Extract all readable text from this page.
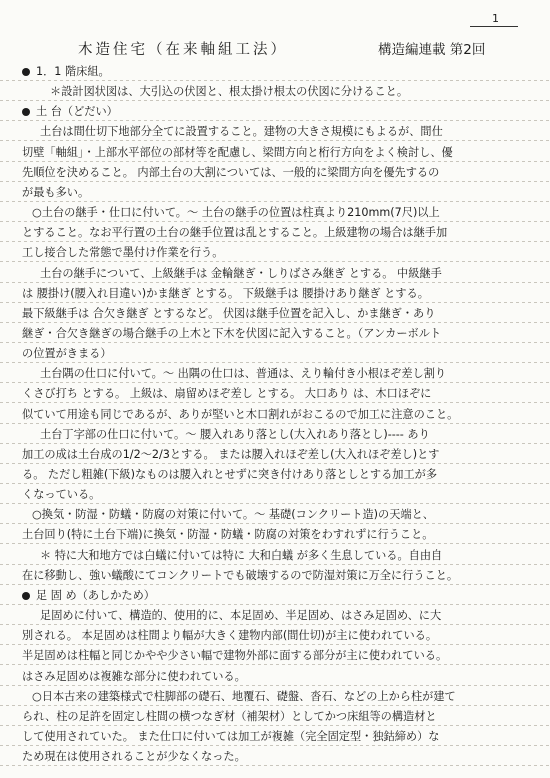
1
木造住宅（在来軸組工法）	構造編連載 第2回
1．1 階床組。
＊設計図状図は、大引込の伏図と、根太掛け根太の伏図に分けること。
土 台（どだい）
土台は間仕切下地部分全てに設置すること。建物の大きさ規模にもよるが、間仕
切壁「軸組」・上部水平部位の部材等を配慮し、梁間方向と桁行方向をよく検討し、優
先順位を決めること。 内部土台の大割については、一般的に梁間方向を優先するの
が最も多い。
○土台の継手・仕口に付いて。～ 土台の継手の位置は柱真より210mm(7尺)以上
とすること。なお平行置の土台の継手位置は乱とすること。上級建物の場合は継手加
工し接合した常態で墨付け作業を行う。
土台の継手について、上級継手は 金輪継ぎ・しりばさみ継ぎ とする。 中級継手
は 腰掛け(腰入れ目違い)かま継ぎ とする。 下級継手は 腰掛けあり継ぎ とする。
最下級継手は 合欠き継ぎ とするなど。 伏図は継手位置を記入し、かま継ぎ・あり
継ぎ・合欠き継ぎの場合継手の上木と下木を伏図に記入すること。（アンカーボルト
の位置がきまる）
土台隅の仕口に付いて。～ 出隅の仕口は、普通は、えり輪付き小根ほぞ差し割り
くさび打ち とする。 上級は、扇留めほぞ差し とする。 大口あり は、木口ほぞに
似ていて用途も同じであるが、ありが堅いと木口割れがおこるので加工に注意のこと。
土台丁字部の仕口に付いて。～ 腰入れあり落とし(大入れあり落とし)---- あり
加工の成は土台成の1/2～2/3とする。 または腰入れほぞ差し(大入れほぞ差し)とす
る。 ただし粗雑(下級)なものは腰入れとせずに突き付けあり落としとする加工が多
くなっている。
○換気・防湿・防蟻・防腐の対策に付いて。～ 基礎(コンクリート造)の天端と、
土台回り(特に土台下端)に換気・防湿・防蟻・防腐の対策をわすれずに行うこと。
＊ 特に大和地方では白蟻に付いては特に 大和白蟻 が多く生息している。自由自
在に移動し、強い蟻酸にてコンクリートでも破壊するので防湿対策に万全に行うこと。
足 固 め（あしかため）
足固めに付いて、構造的、使用的に、本足固め、半足固め、はさみ足固め、に大
別される。 本足固めは柱間より幅が大きく建物内部(間仕切)が主に使われている。
半足固めは柱幅と同じかやや少さい幅で建物外部に面する部分が主に使われている。
はさみ足固めは複雑な部分に使われている。
○日本古来の建築様式で柱脚部の礎石、地覆石、礎盤、沓石、などの上から柱が建て
られ、柱の足許を固定し柱間の横つなぎ材（補架材）としてかつ床組等の構造材と
して使用されていた。 また仕口に付いては加工が複雑（完全固定型・独鈷締め）な
ため現在は使用されることが少なくなった。
